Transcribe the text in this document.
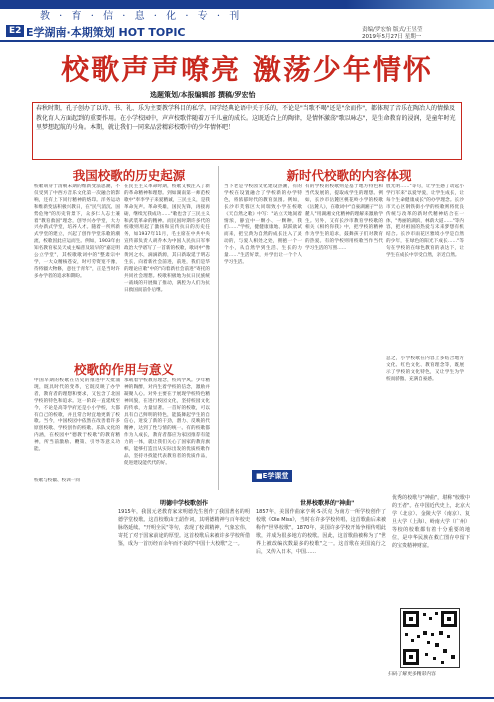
教 · 育 · 信 · 息 · 化 · 专 · 刊
E2 E学湖南·本期策划 HOT TOPIC	责编/罗宏怡 版式/王昱莹
2019年5月27日 星期一
校歌声声嘹亮 激荡少年情怀
选题策划/本报编辑部 撰稿/罗宏怡
春秋时期，孔子创办了以诗、书、礼、乐为主要教学科目的私学。国学经典论语中关于乐的，不论是"当歌不喝"还是"余而作"，都体现了音乐在陶冶人的情操及教化育人方面起到的重要作用。在小学校园中，声声校歌伴随着万千儿童的成长。这既适合上的陶律，是情怀激荡"歌以咏志"，是生命教育的浸润，是童年时光里梦想起航的号角。本期，就让我们一同来品尝精彩校歌中的少年情怀吧！
我国校歌的历史起源
校歌萌芽于清朝末期的维新变法思潮，不仅受到了中西方音乐文化第一次融合的影响，还有上下同行精神的烙印。洋务运动和维新变法积极兴教日，在"民气消沉、国势危殆"的历史背景下，众多仁人志士兼着"教育救国"理念，创导兴办学堂，大力兴办新式学堂，培养人才。随着一所所新式学堂的建立，兴起了创作学堂乐歌的潮流，校歌因此应运而生。例如，1903年由知名教育家吴天成主编普及较早的"嘉定明公立学堂"，其校歌歌词中的"整肃宗中学，一大众精核苍安，时可劳资宽不豫，待将疆大物修，意往于青年"，正是当时许多办学者的追求和期盼。
在民主主义革命时期，校歌又被注入了新的革命精神和理想。到如湖南第一师范校歌中"奉李学子来爱精诚，三民主义，是我革命先声。革命英雄，国民先锋，再接再砺，继续光我成功……"歌也含了三民主义和武装革命的精神。而民国时期许多代的校歌则用起了激扬和宣传抗日的历史任务，如1937年11月，毛主席在中共中央宣传部负责人胡乔木为中国人民抗日军事政治大学谱写了一首新的校歌，歌词中"像黄河之水，滴滴新源，其日新取延于明志生长，向着新社会前进，前进，我们是华的理论应歌"中的"向着新社会前进"寄托的共同社会理想。校歌积极地为抗日民族统一战线的开展做了推动，满腔为人们为抗日救国而前仆后继。
校歌的作用与意义
中国早期的校歌在历史的推进中大批涌现，既具时代的变革，它既反映了办学者，教育者的理想和要求，又包含了北国学校的特色和追求。这一阶段一直延续至今，不论是高等学府还是小小学校，大都有自己的校歌，并且常合时宜地更新了校歌。当今，中国校园中依然在改善着许多原创校歌、学校创作的校歌、乐队文化的内涵，在校园中"德教于校歌"的教育精神，所当前激励、鞭策、引导等意义功能。
校歌与校徽、校训一同
承载着学校教育理念，校风学风。少年精神的陶醉，对内生着学校的信念，激励并凝聚人心。对外主要在于展现学校特色精神风貌，在进行校园文化，坚持校园文化的传承，力量显著。一首好的校歌，可以具有自己鲜明的特色，能鼓舞起学生的自信心，迸发了新的干劲，潜力、反映的代精神，达到了性与情的统一。有的校歌都作为人成长，教育者都应为家园推荐有能力的一体，就让我们关心了国家的教育旗帜，能够打造出从实际出发的优质校歌作品，坚持寻找能代表教育者的优质作品，促进建设能代代的好。
新时代校歌的内容体现
当下老是今校园文化建设热潮，有的学校在设置融合了学校新的办学特色，将浓郁时代的教育氛围。例如，长沙市芙蓉区大同瑞致小学在校歌《天自然之歌》中写："站立天地间着情浓，静宜中一颗小、一颗种，我们……"学校，健健康康地、跃跃欲试而来，把宝典为自然的成长注入了灵动的，与爱人相处之处，拥抱一个一个小，从自然学到生活、生长的力量……"生活好景，并学出让一个个人学习生活。
有的学校的校歌则是基于地方特色和当代发展的，提取成学生的理想。例如，长沙市岳麓区桃花岭小学的校歌《岳麓人》，在歌词中"自豪湖湘子""岳麓人"用湖湘文化精神的理解来激励学生。另外，又有长沙市教育学校歌的相关《相约你我》中，把学校的精神作为学生的追求，鼓舞孩子们对教育的热爱。有的学校则用校歌当作当代学习生活的写照……
放光明……"等句，让学生感了动起小学行军来"以爱导爱，让学生成长，让每个生命健康成长"的办学理念。长沙市天心区钢铁街小学的校歌则将优良传统与改革的新时代精神结合在一体，"秀丽的湖滨，林荫大道……"等内容，把对祖国的热爱与未来梦想有机结合。长沙市雨花区雅境小学是自然的少年，在绿色的阳光下成长……"等句在学校的在绿色教育的表达下，让学生在成长中享受自然，亲近自然。
总之，小学校歌在内容上多结合地方文化、红色文化、教育理念等，既展示了学校的文化特色，又让学生为学校而骄傲、充满自豪感。
■E学课堂
明德中学校歌创作
1915年，我国元老教育家宋明德先生创作了我国著名的明德学堂校歌。这首校歌由王韶作词，其明德精神与百年校史脉络延续。"开明全民"等句，表现了校训精神，气象宏伟，寄托了对于国家前途的厚望。这首校歌后来被许多学校所借鉴，成为一首历经百余年而不衰的"中国十大校歌"之一。
世界校歌界的"神曲"
1857年，美国作曲家亨利·S·沃克 为南方一所学校创作了校歌《Ole Miss》，当时在许多学校传唱，这首歌曲后来被称作"世界校歌"。1870年，美国许多学校开始争相传唱此歌，并成为很多地方的校歌。因此，这首歌曲被称为了"世界上被改编次数最多的校歌"之一。这首歌在美国流行之后，又传入日本，中国……
优秀的校歌与"神曲"，堪称"校歌中的王者"。在中国近代史上，北京大学（北京）、金陵大学（南京）、复旦大学（上海）、岭南大学（广州）等校的校歌都有着十分重要的地位，是中华民族在救亡图存中留下的宝贵精神财富。
扫码了解更多精彩内容
